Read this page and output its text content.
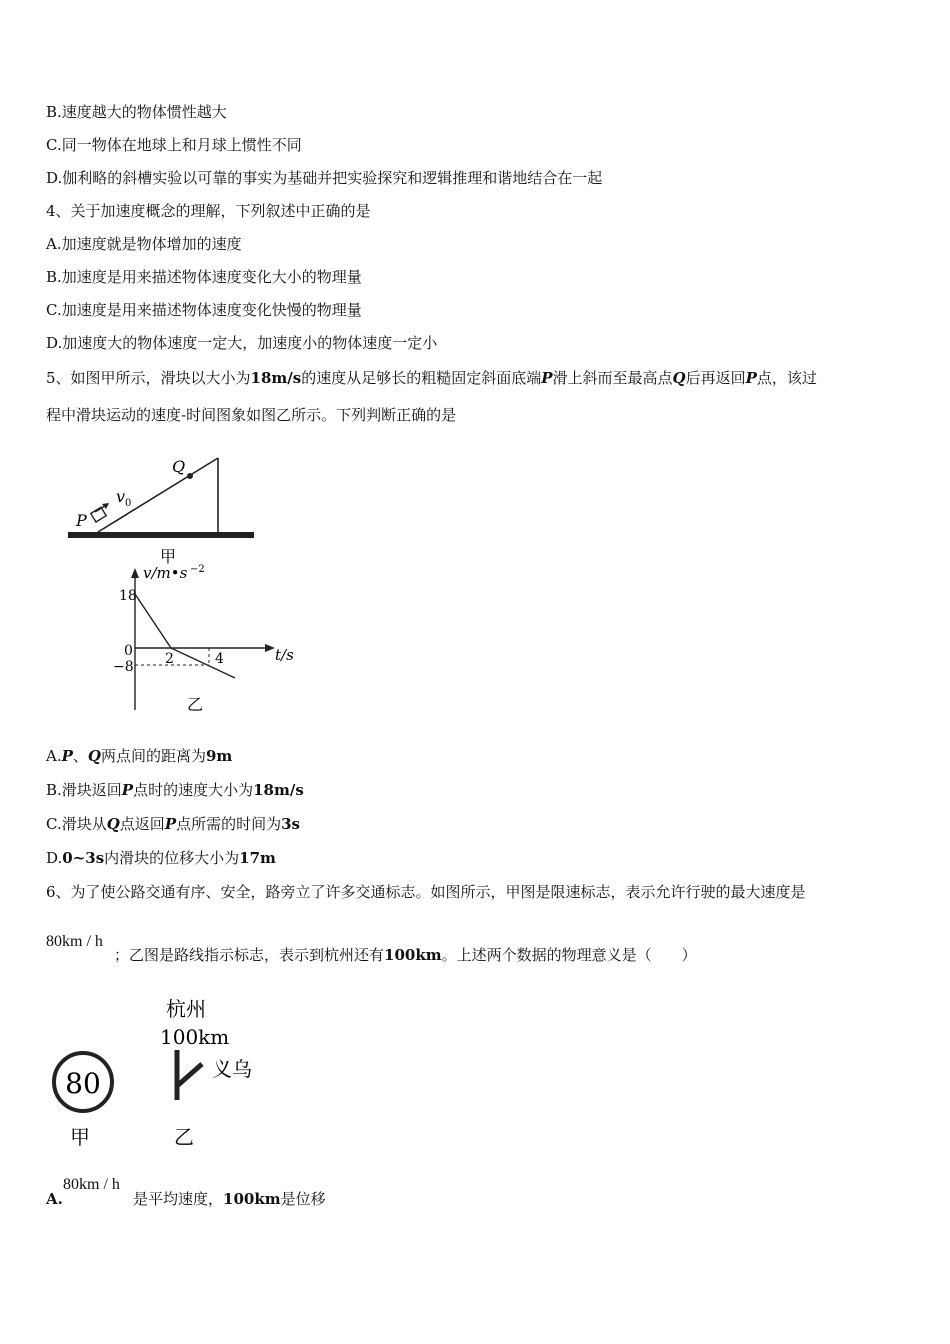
B.速度越大的物体惯性越大
C.同一物体在地球上和月球上惯性不同
D.伽利略的斜槽实验以可靠的事实为基础并把实验探究和逻辑推理和谐地结合在一起
4、关于加速度概念的理解，下列叙述中正确的是
A.加速度就是物体增加的速度
B.加速度是用来描述物体速度变化大小的物理量
C.加速度是用来描述物体速度变化快慢的物理量
D.加速度大的物体速度一定大，加速度小的物体速度一定小
5、如图甲所示，滑块以大小为18m/s的速度从足够长的粗糙固定斜面底端P滑上斜而至最高点Q后再返回P点，该过
程中滑块运动的速度-时间图象如图乙所示。下列判断正确的是
Q
P
v 0
甲
v/m•s −2
t/s
18
0
−8 2	4
乙
A.P、Q两点间的距离为9m
B.滑块返回P点时的速度大小为18m/s
C.滑块从Q点返回P点所需的时间为3s
D.0~3s内滑块的位移大小为17m
6、为了使公路交通有序、安全，路旁立了许多交通标志。如图所示，甲图是限速标志，表示允许行驶的最大速度是
80km / h
；乙图是路线指示标志，表示到杭州还有100km。上述两个数据的物理意义是（　　）
80
甲
杭州
100km
义乌
乙
A.
80km / h
是平均速度，100km是位移
